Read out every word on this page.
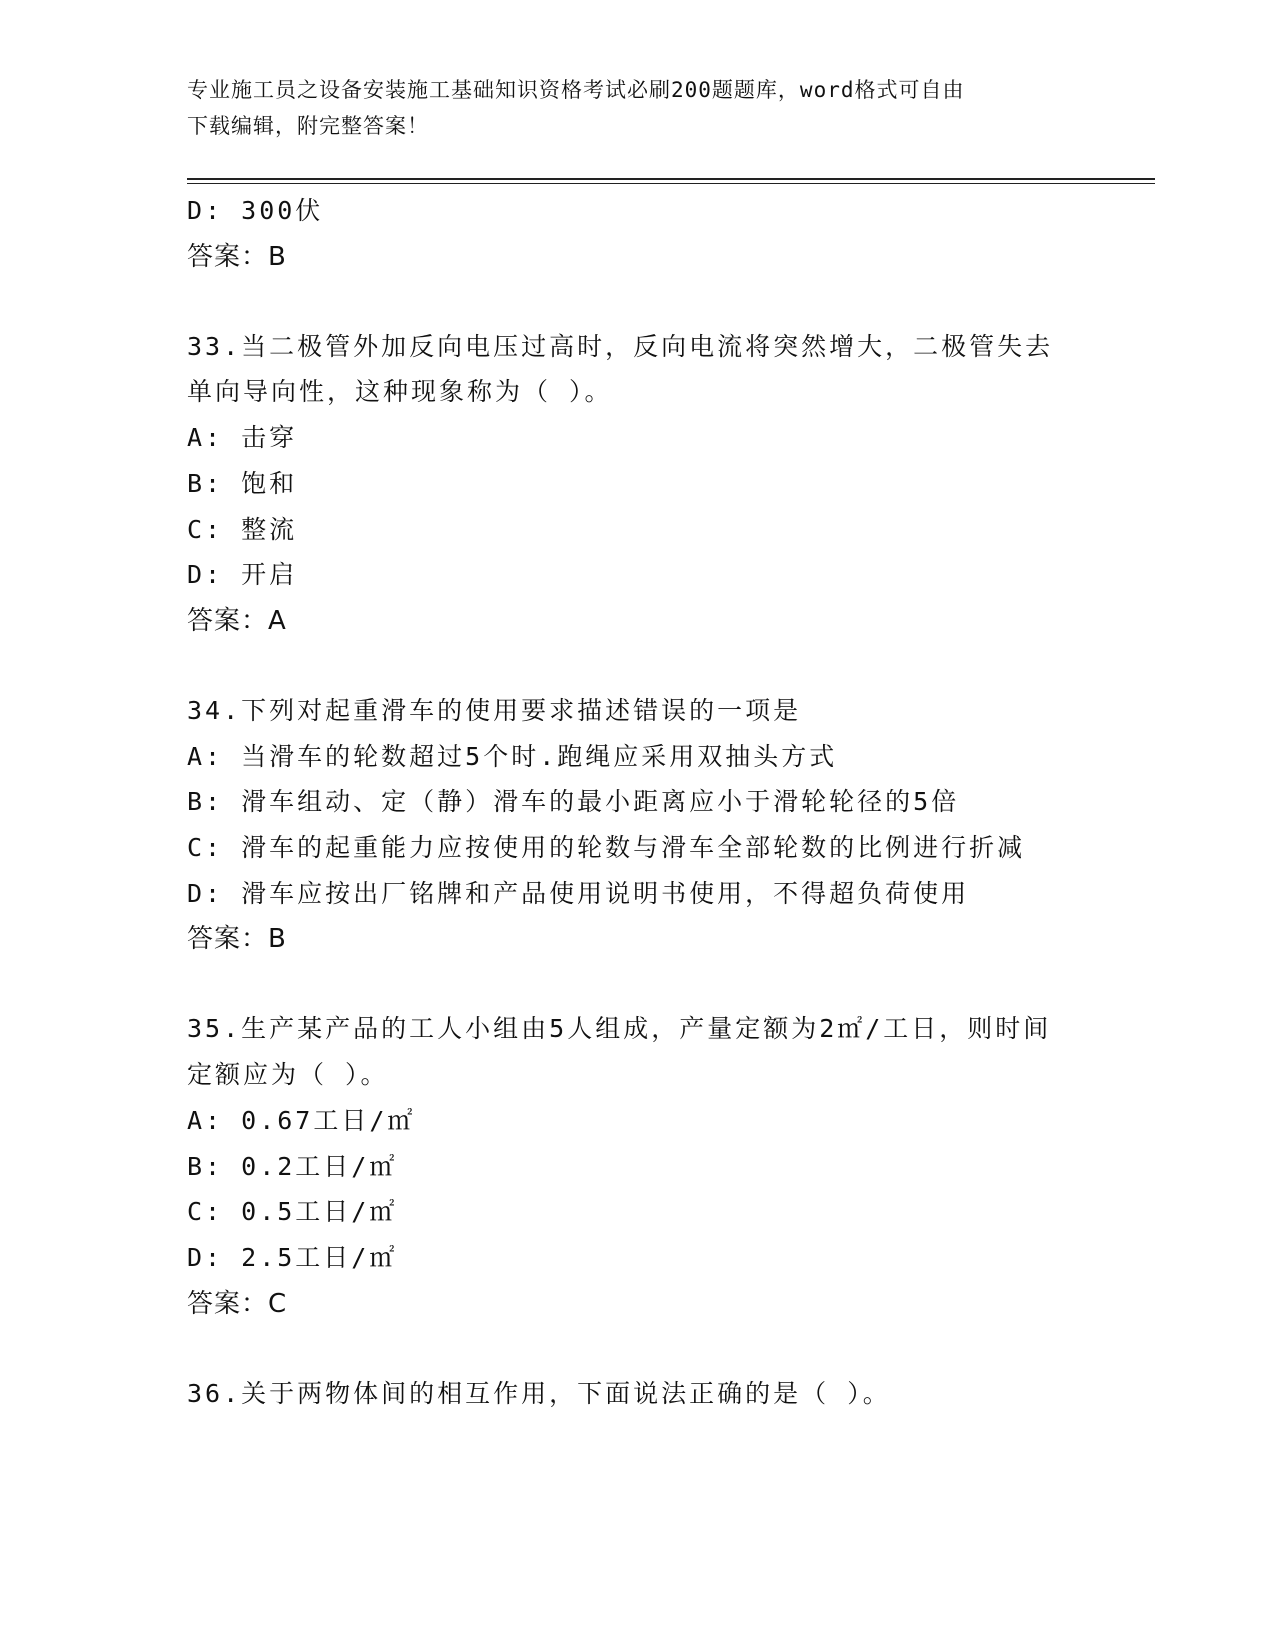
专业施工员之设备安装施工基础知识资格考试必刷200题题库，word格式可自由
下载编辑，附完整答案！
D: 300伏
答案：B
33.当二极管外加反向电压过高时，反向电流将突然增大，二极管失去
单向导向性，这种现象称为（ ）。
A: 击穿
B: 饱和
C: 整流
D: 开启
答案：A
34.下列对起重滑车的使用要求描述错误的一项是
A: 当滑车的轮数超过5个时.跑绳应采用双抽头方式
B: 滑车组动、定（静）滑车的最小距离应小于滑轮轮径的5倍
C: 滑车的起重能力应按使用的轮数与滑车全部轮数的比例进行折减
D: 滑车应按出厂铭牌和产品使用说明书使用，不得超负荷使用
答案：B
35.生产某产品的工人小组由5人组成，产量定额为2㎡/工日，则时间
定额应为（ ）。
A: 0.67工日/㎡
B: 0.2工日/㎡
C: 0.5工日/㎡
D: 2.5工日/㎡
答案：C
36.关于两物体间的相互作用，下面说法正确的是（ ）。
